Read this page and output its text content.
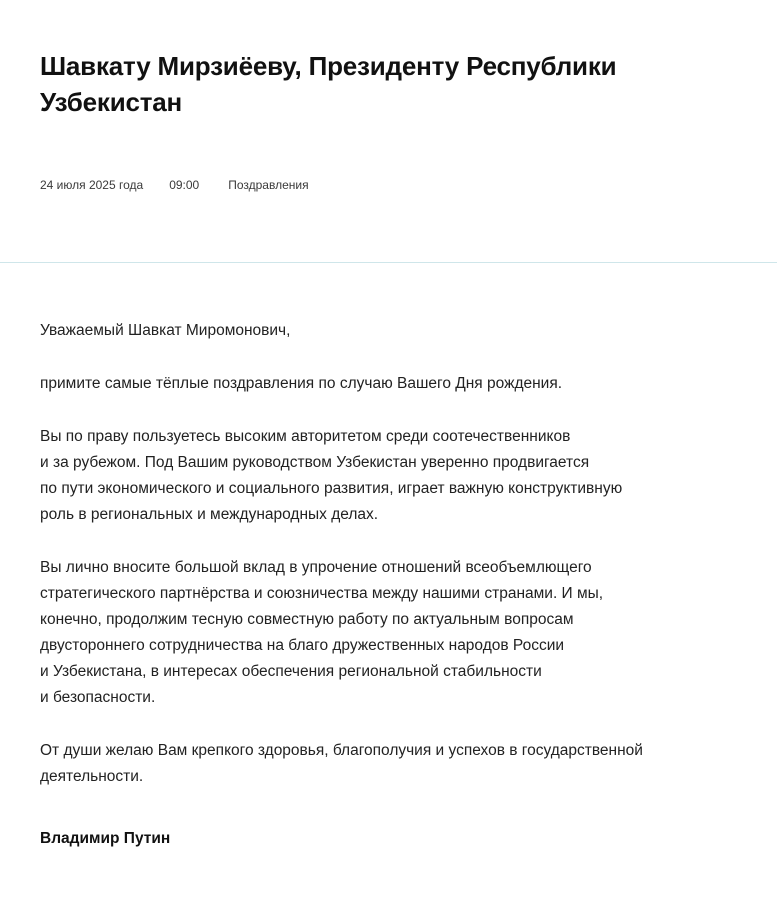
Шавкату Мирзиёеву, Президенту Республики Узбекистан
24 июля 2025 года 09:00 Поздравления

Уважаемый Шавкат Миромонович,

примите самые тёплые поздравления по случаю Вашего Дня рождения.

Вы по праву пользуетесь высоким авторитетом среди соотечественников
и за рубежом. Под Вашим руководством Узбекистан уверенно продвигается
по пути экономического и социального развития, играет важную конструктивную
роль в региональных и международных делах.

Вы лично вносите большой вклад в упрочение отношений всеобъемлющего
стратегического партнёрства и союзничества между нашими странами. И мы,
конечно, продолжим тесную совместную работу по актуальным вопросам
двустороннего сотрудничества на благо дружественных народов России
и Узбекистана, в интересах обеспечения региональной стабильности
и безопасности.

От души желаю Вам крепкого здоровья, благополучия и успехов в государственной
деятельности.

Владимир Путин
